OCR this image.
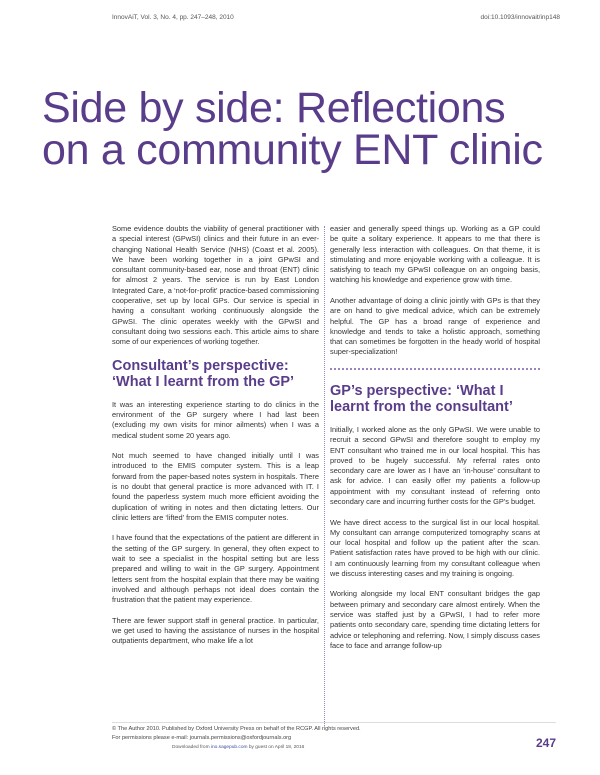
InnovAiT, Vol. 3, No. 4, pp. 247–248, 2010	doi:10.1093/innovait/inp148
Side by side: Reflections on a community ENT clinic

Some evidence doubts the viability of general practitioner with a special interest (GPwSI) clinics and their future in an ever-changing National Health Service (NHS) (Coast et al. 2005). We have been working together in a joint GPwSI and consultant community-based ear, nose and throat (ENT) clinic for almost 2 years. The service is run by East London Integrated Care, a ‘not-for-profit’ practice-based commissioning cooperative, set up by local GPs. Our service is special in having a consultant working continuously alongside the GPwSI. The clinic operates weekly with the GPwSI and consultant doing two sessions each. This article aims to share some of our experiences of working together.

Consultant’s perspective: ‘What I learnt from the GP’

It was an interesting experience starting to do clinics in the environment of the GP surgery where I had last been (excluding my own visits for minor ailments) when I was a medical student some 20 years ago.

Not much seemed to have changed initially until I was introduced to the EMIS computer system. This is a leap forward from the paper-based notes system in hospitals. There is no doubt that general practice is more advanced with IT. I found the paperless system much more efficient avoiding the duplication of writing in notes and then dictating letters. Our clinic letters are ‘lifted’ from the EMIS computer notes.

I have found that the expectations of the patient are different in the setting of the GP surgery. In general, they often expect to wait to see a specialist in the hospital setting but are less prepared and willing to wait in the GP surgery. Appointment letters sent from the hospital explain that there may be waiting involved and although perhaps not ideal does contain the frustration that the patient may experience.

There are fewer support staff in general practice. In particular, we get used to having the assistance of nurses in the hospital outpatients department, who make life a lot

easier and generally speed things up. Working as a GP could be quite a solitary experience. It appears to me that there is generally less interaction with colleagues. On that theme, it is stimulating and more enjoyable working with a colleague. It is satisfying to teach my GPwSI colleague on an ongoing basis, watching his knowledge and experience grow with time.

Another advantage of doing a clinic jointly with GPs is that they are on hand to give medical advice, which can be extremely helpful. The GP has a broad range of experience and knowledge and tends to take a holistic approach, something that can sometimes be forgotten in the heady world of hospital super-specialization!

GP’s perspective: ‘What I learnt from the consultant’

Initially, I worked alone as the only GPwSI. We were unable to recruit a second GPwSI and therefore sought to employ my ENT consultant who trained me in our local hospital. This has proved to be hugely successful. My referral rates onto secondary care are lower as I have an ‘in-house’ consultant to ask for advice. I can easily offer my patients a follow-up appointment with my consultant instead of referring onto secondary care and incurring further costs for the GP’s budget.

We have direct access to the surgical list in our local hospital. My consultant can arrange computerized tomography scans at our local hospital and follow up the patient after the scan. Patient satisfaction rates have proved to be high with our clinic. I am continuously learning from my consultant colleague when we discuss interesting cases and my training is ongoing.

Working alongside my local ENT consultant bridges the gap between primary and secondary care almost entirely. When the service was staffed just by a GPwSI, I had to refer more patients onto secondary care, spending time dictating letters for advice or telephoning and referring. Now, I simply discuss cases face to face and arrange follow-up

© The Author 2010. Published by Oxford University Press on behalf of the RCGP. All rights reserved.
For permissions please e-mail: journals.permissions@oxfordjournals.org
Downloaded from ino.sagepub.com by guest on April 18, 2016	247
